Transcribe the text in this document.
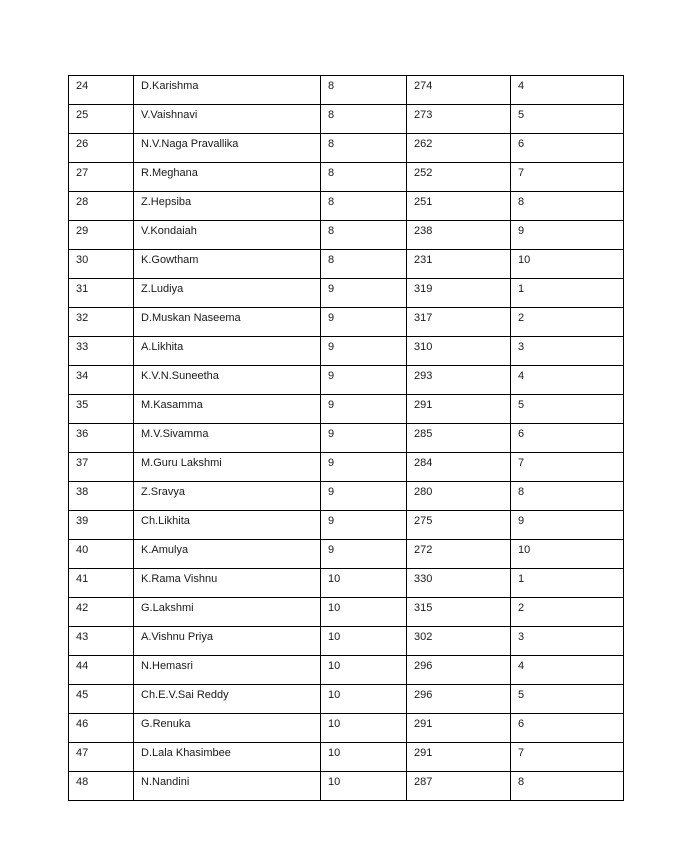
24	D.Karishma	8	274	4
25	V.Vaishnavi	8	273	5
26	N.V.Naga Pravallika	8	262	6
27	R.Meghana	8	252	7
28	Z.Hepsiba	8	251	8
29	V.Kondaiah	8	238	9
30	K.Gowtham	8	231	10
31	Z.Ludiya	9	319	1
32	D.Muskan Naseema	9	317	2
33	A.Likhita	9	310	3
34	K.V.N.Suneetha	9	293	4
35	M.Kasamma	9	291	5
36	M.V.Sivamma	9	285	6
37	M.Guru Lakshmi	9	284	7
38	Z.Sravya	9	280	8
39	Ch.Likhita	9	275	9
40	K.Amulya	9	272	10
41	K.Rama Vishnu	10	330	1
42	G.Lakshmi	10	315	2
43	A.Vishnu Priya	10	302	3
44	N.Hemasri	10	296	4
45	Ch.E.V.Sai Reddy	10	296	5
46	G.Renuka	10	291	6
47	D.Lala Khasimbee	10	291	7
48	N.Nandini	10	287	8
